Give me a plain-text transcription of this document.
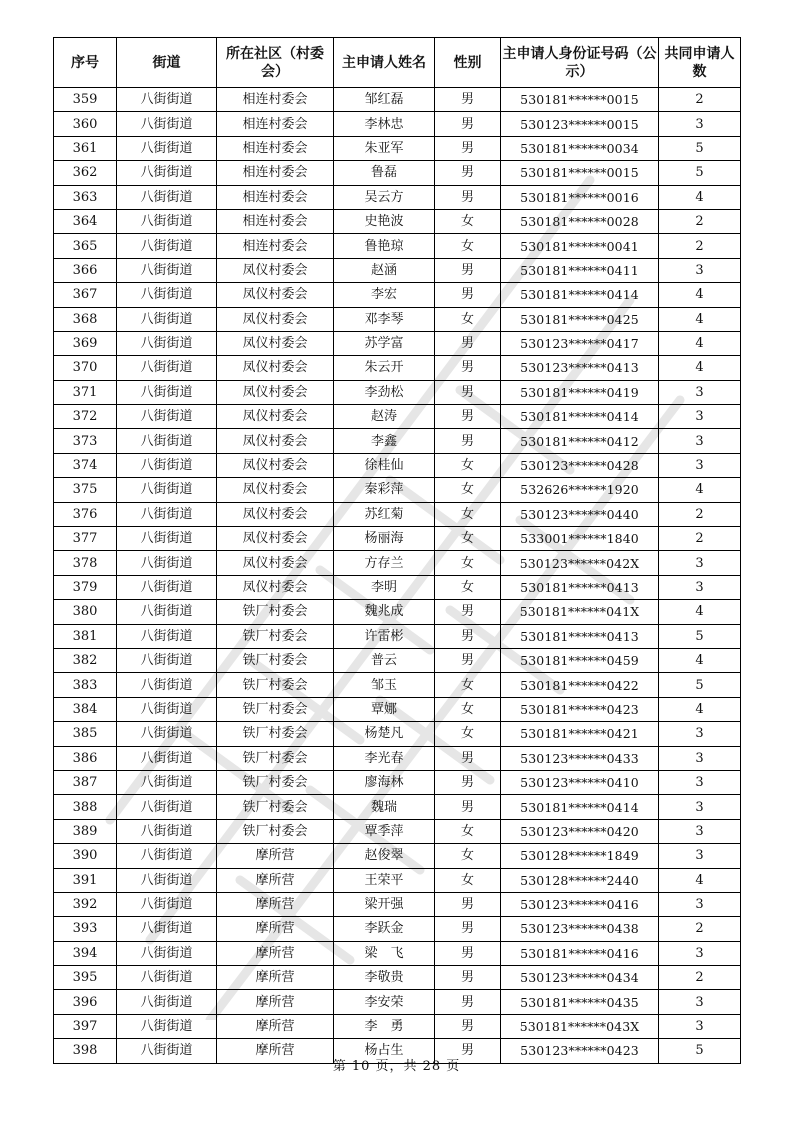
序号	街道	所在社区（村委会）	主申请人姓名	性别	主申请人身份证号码（公示）	共同申请人数
359	八街街道	相连村委会	邹红磊	男	530181******0015	2
360	八街街道	相连村委会	李林忠	男	530123******0015	3
361	八街街道	相连村委会	朱亚军	男	530181******0034	5
362	八街街道	相连村委会	鲁磊	男	530181******0015	5
363	八街街道	相连村委会	吴云方	男	530181******0016	4
364	八街街道	相连村委会	史艳波	女	530181******0028	2
365	八街街道	相连村委会	鲁艳琼	女	530181******0041	2
366	八街街道	凤仪村委会	赵涵	男	530181******0411	3
367	八街街道	凤仪村委会	李宏	男	530181******0414	4
368	八街街道	凤仪村委会	邓李琴	女	530181******0425	4
369	八街街道	凤仪村委会	苏学富	男	530123******0417	4
370	八街街道	凤仪村委会	朱云开	男	530123******0413	4
371	八街街道	凤仪村委会	李劲松	男	530181******0419	3
372	八街街道	凤仪村委会	赵涛	男	530181******0414	3
373	八街街道	凤仪村委会	李鑫	男	530181******0412	3
374	八街街道	凤仪村委会	徐桂仙	女	530123******0428	3
375	八街街道	凤仪村委会	秦彩萍	女	532626******1920	4
376	八街街道	凤仪村委会	苏红菊	女	530123******0440	2
377	八街街道	凤仪村委会	杨丽海	女	533001******1840	2
378	八街街道	凤仪村委会	方存兰	女	530123******042X	3
379	八街街道	凤仪村委会	李明	女	530181******0413	3
380	八街街道	铁厂村委会	魏兆成	男	530181******041X	4
381	八街街道	铁厂村委会	许雷彬	男	530181******0413	5
382	八街街道	铁厂村委会	普云	男	530181******0459	4
383	八街街道	铁厂村委会	邹玉	女	530181******0422	5
384	八街街道	铁厂村委会	覃娜	女	530181******0423	4
385	八街街道	铁厂村委会	杨楚凡	女	530181******0421	3
386	八街街道	铁厂村委会	李光春	男	530123******0433	3
387	八街街道	铁厂村委会	廖海林	男	530123******0410	3
388	八街街道	铁厂村委会	魏瑞	男	530181******0414	3
389	八街街道	铁厂村委会	覃季萍	女	530123******0420	3
390	八街街道	摩所营	赵俊翠	女	530128******1849	3
391	八街街道	摩所营	王荣平	女	530128******2440	4
392	八街街道	摩所营	梁开强	男	530123******0416	3
393	八街街道	摩所营	李跃金	男	530123******0438	2
394	八街街道	摩所营	梁　飞	男	530181******0416	3
395	八街街道	摩所营	李敬贵	男	530123******0434	2
396	八街街道	摩所营	李安荣	男	530181******0435	3
397	八街街道	摩所营	李　勇	男	530181******043X	3
398	八街街道	摩所营	杨占生	男	530123******0423	5
第 10 页，共 28 页
